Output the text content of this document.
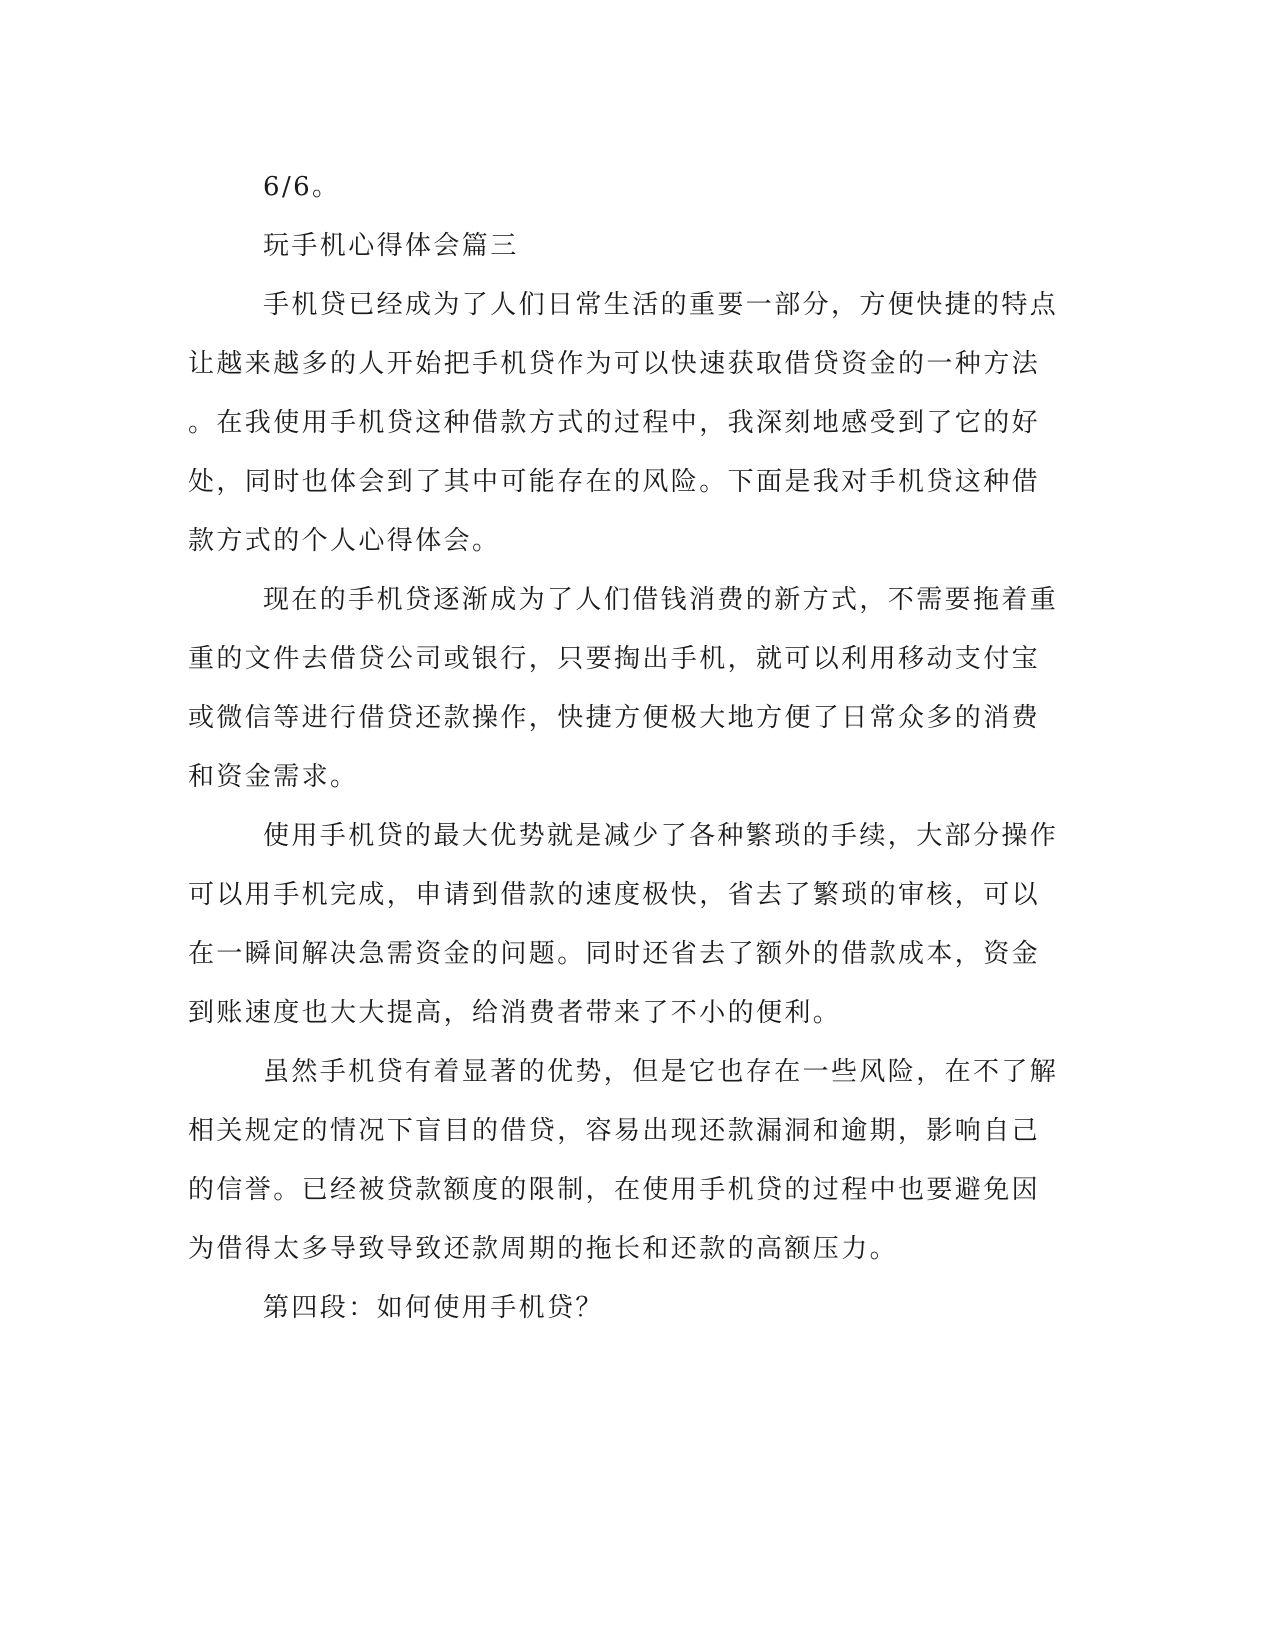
6/6。

玩手机心得体会篇三

手机贷已经成为了人们日常生活的重要一部分，方便快捷的特点

让越来越多的人开始把手机贷作为可以快速获取借贷资金的一种方法

。在我使用手机贷这种借款方式的过程中，我深刻地感受到了它的好

处，同时也体会到了其中可能存在的风险。下面是我对手机贷这种借

款方式的个人心得体会。

现在的手机贷逐渐成为了人们借钱消费的新方式，不需要拖着重

重的文件去借贷公司或银行，只要掏出手机，就可以利用移动支付宝

或微信等进行借贷还款操作，快捷方便极大地方便了日常众多的消费

和资金需求。

使用手机贷的最大优势就是减少了各种繁琐的手续，大部分操作

可以用手机完成，申请到借款的速度极快，省去了繁琐的审核，可以

在一瞬间解决急需资金的问题。同时还省去了额外的借款成本，资金

到账速度也大大提高，给消费者带来了不小的便利。

虽然手机贷有着显著的优势，但是它也存在一些风险，在不了解

相关规定的情况下盲目的借贷，容易出现还款漏洞和逾期，影响自己

的信誉。已经被贷款额度的限制，在使用手机贷的过程中也要避免因

为借得太多导致导致还款周期的拖长和还款的高额压力。

第四段：如何使用手机贷？
